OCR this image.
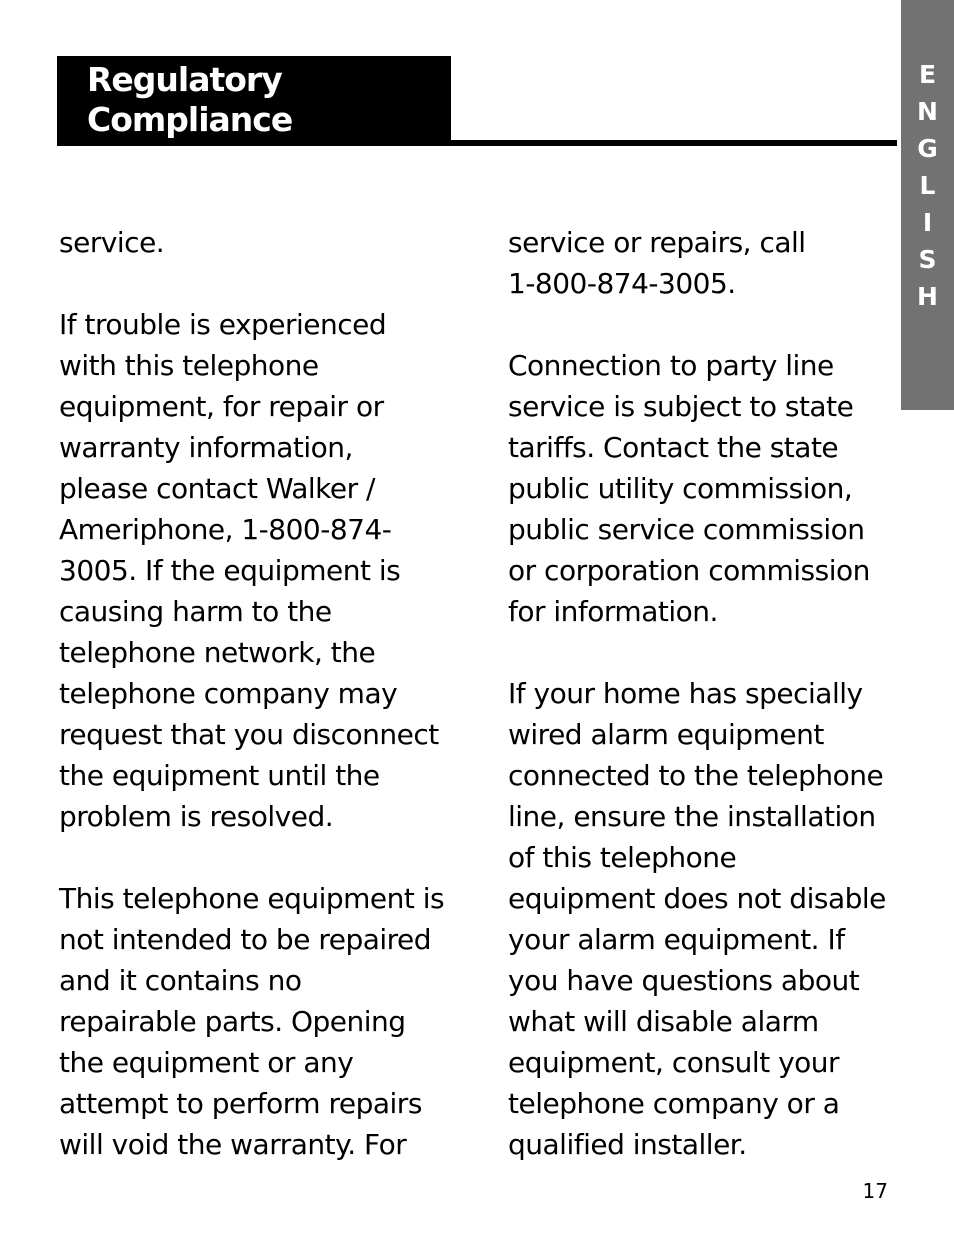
Regulatory
Compliance
E
N
G
L
I
S
H

service.

If trouble is experienced
with this telephone
equipment, for repair or
warranty information,
please contact Walker /
Ameriphone, 1-800-874-
3005. If the equipment is
causing harm to the
telephone network, the
telephone company may
request that you disconnect
the equipment until the
problem is resolved.

This telephone equipment is
not intended to be repaired
and it contains no
repairable parts. Opening
the equipment or any
attempt to perform repairs
will void the warranty. For

service or repairs, call
1-800-874-3005.

Connection to party line
service is subject to state
tariffs. Contact the state
public utility commission,
public service commission
or corporation commission
for information.

If your home has specially
wired alarm equipment
connected to the telephone
line, ensure the installation
of this telephone
equipment does not disable
your alarm equipment. If
you have questions about
what will disable alarm
equipment, consult your
telephone company or a
qualified installer.

17
